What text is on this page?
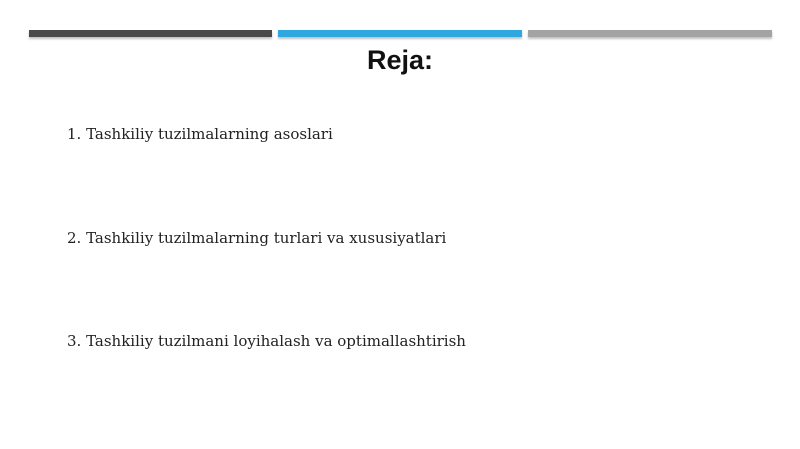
Reja:
1. Tashkiliy tuzilmalarning asoslari
2. Tashkiliy tuzilmalarning turlari va xususiyatlari
3. Tashkiliy tuzilmani loyihalash va optimallashtirish
